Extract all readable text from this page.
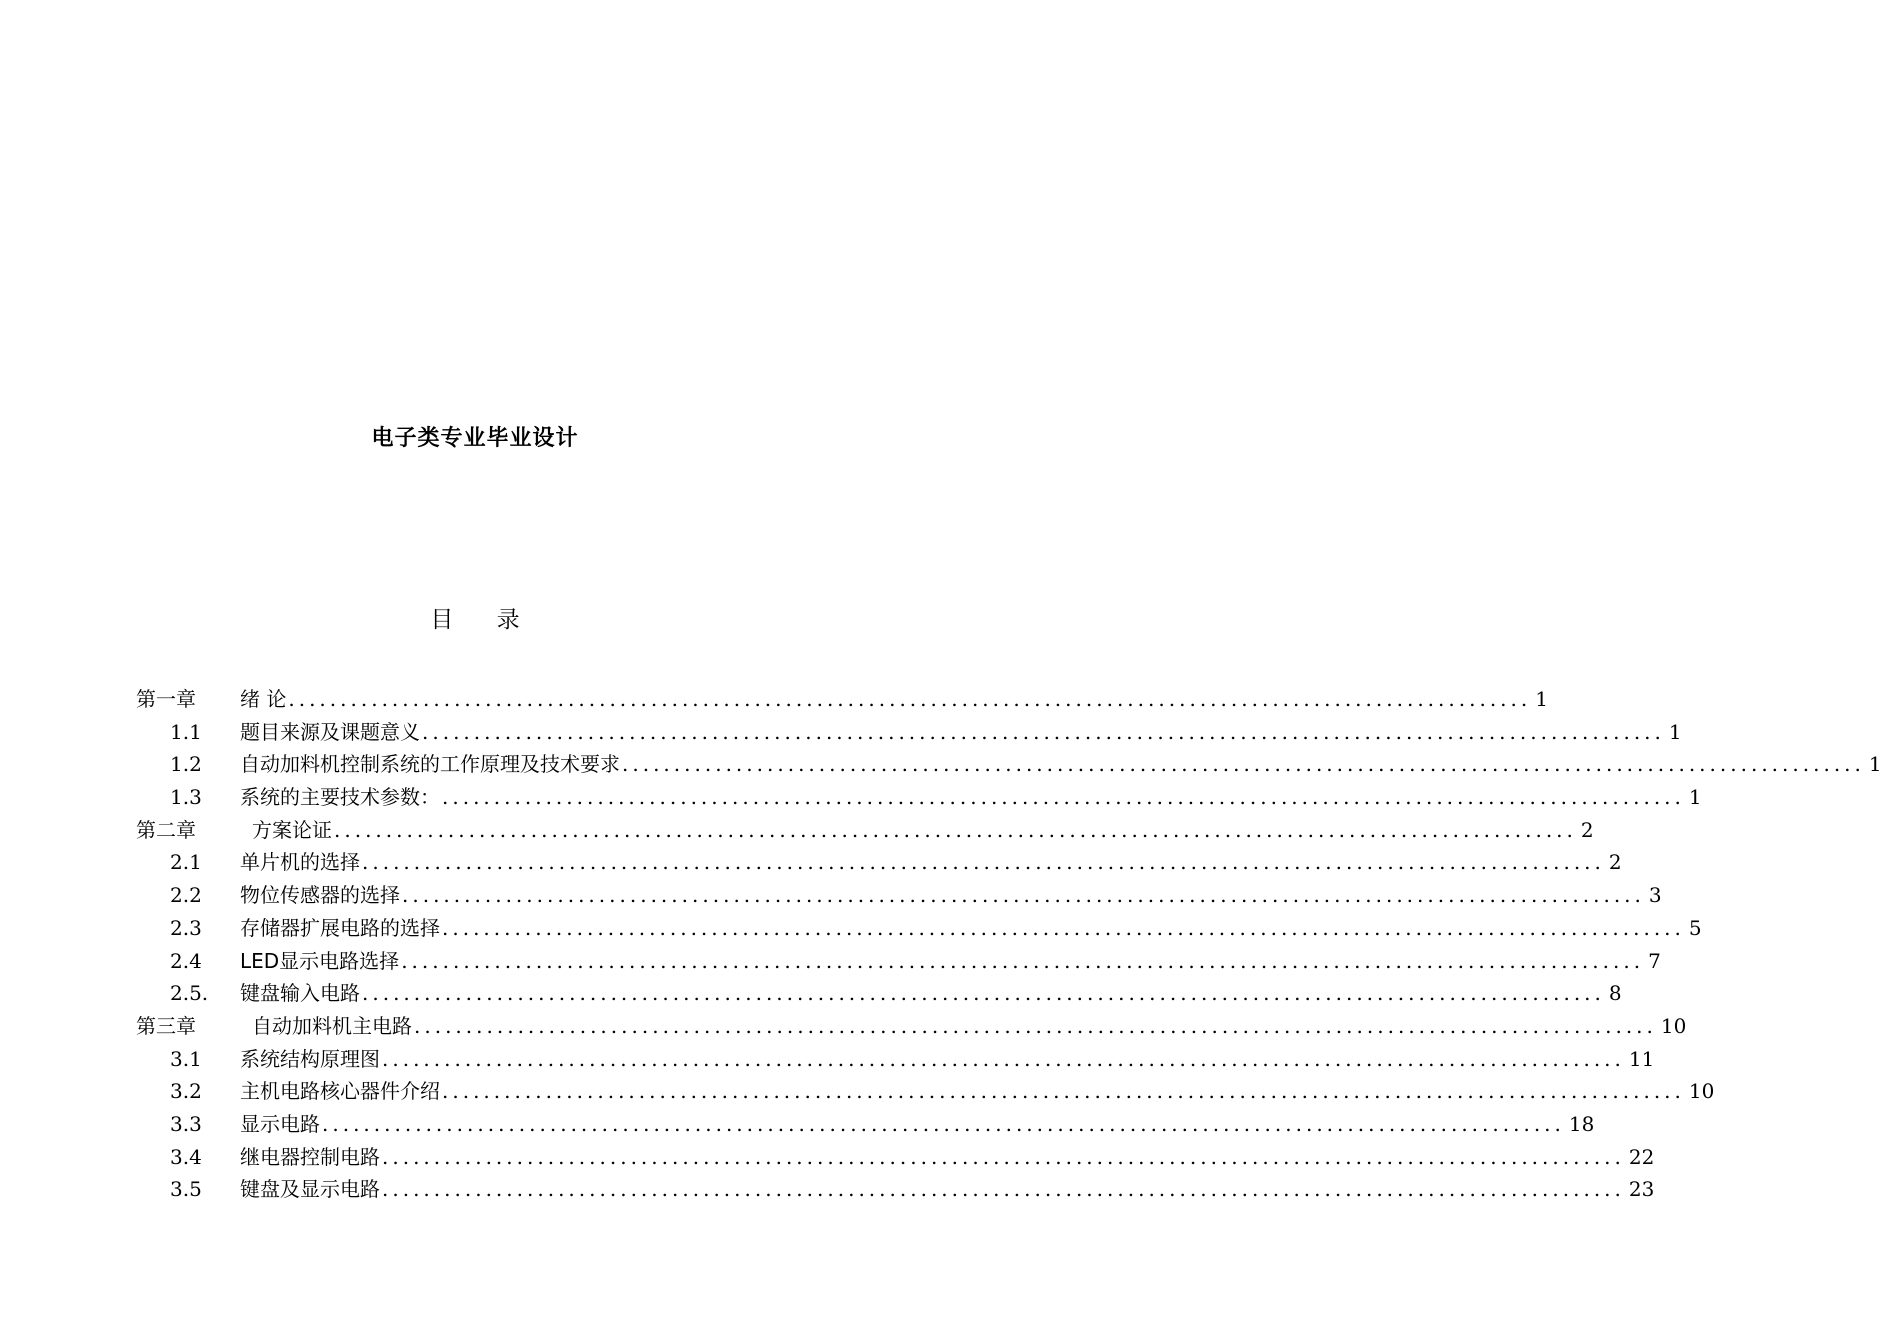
电子类专业毕业设计
目 录
第一章	绪 论 ........................................................................................................................ 1
1.1	题目来源及课题意义 ........................................................................................................................ 1
1.2	自动加料机控制系统的工作原理及技术要求 ........................................................................................................................ 1
1.3	系统的主要技术参数： ........................................................................................................................ 1
第二章	方案论证 ........................................................................................................................ 2
2.1	单片机的选择 ........................................................................................................................ 2
2.2	物位传感器的选择 ........................................................................................................................ 3
2.3	存储器扩展电路的选择 ........................................................................................................................ 5
2.4	LED显示电路选择 ........................................................................................................................ 7
2.5.	键盘输入电路 ........................................................................................................................ 8
第三章	自动加料机主电路 ........................................................................................................................ 10
3.1	系统结构原理图 ........................................................................................................................ 11
3.2	主机电路核心器件介绍 ........................................................................................................................ 10
3.3	显示电路 ........................................................................................................................ 18
3.4	继电器控制电路 ........................................................................................................................ 22
3.5	键盘及显示电路 ........................................................................................................................ 23
